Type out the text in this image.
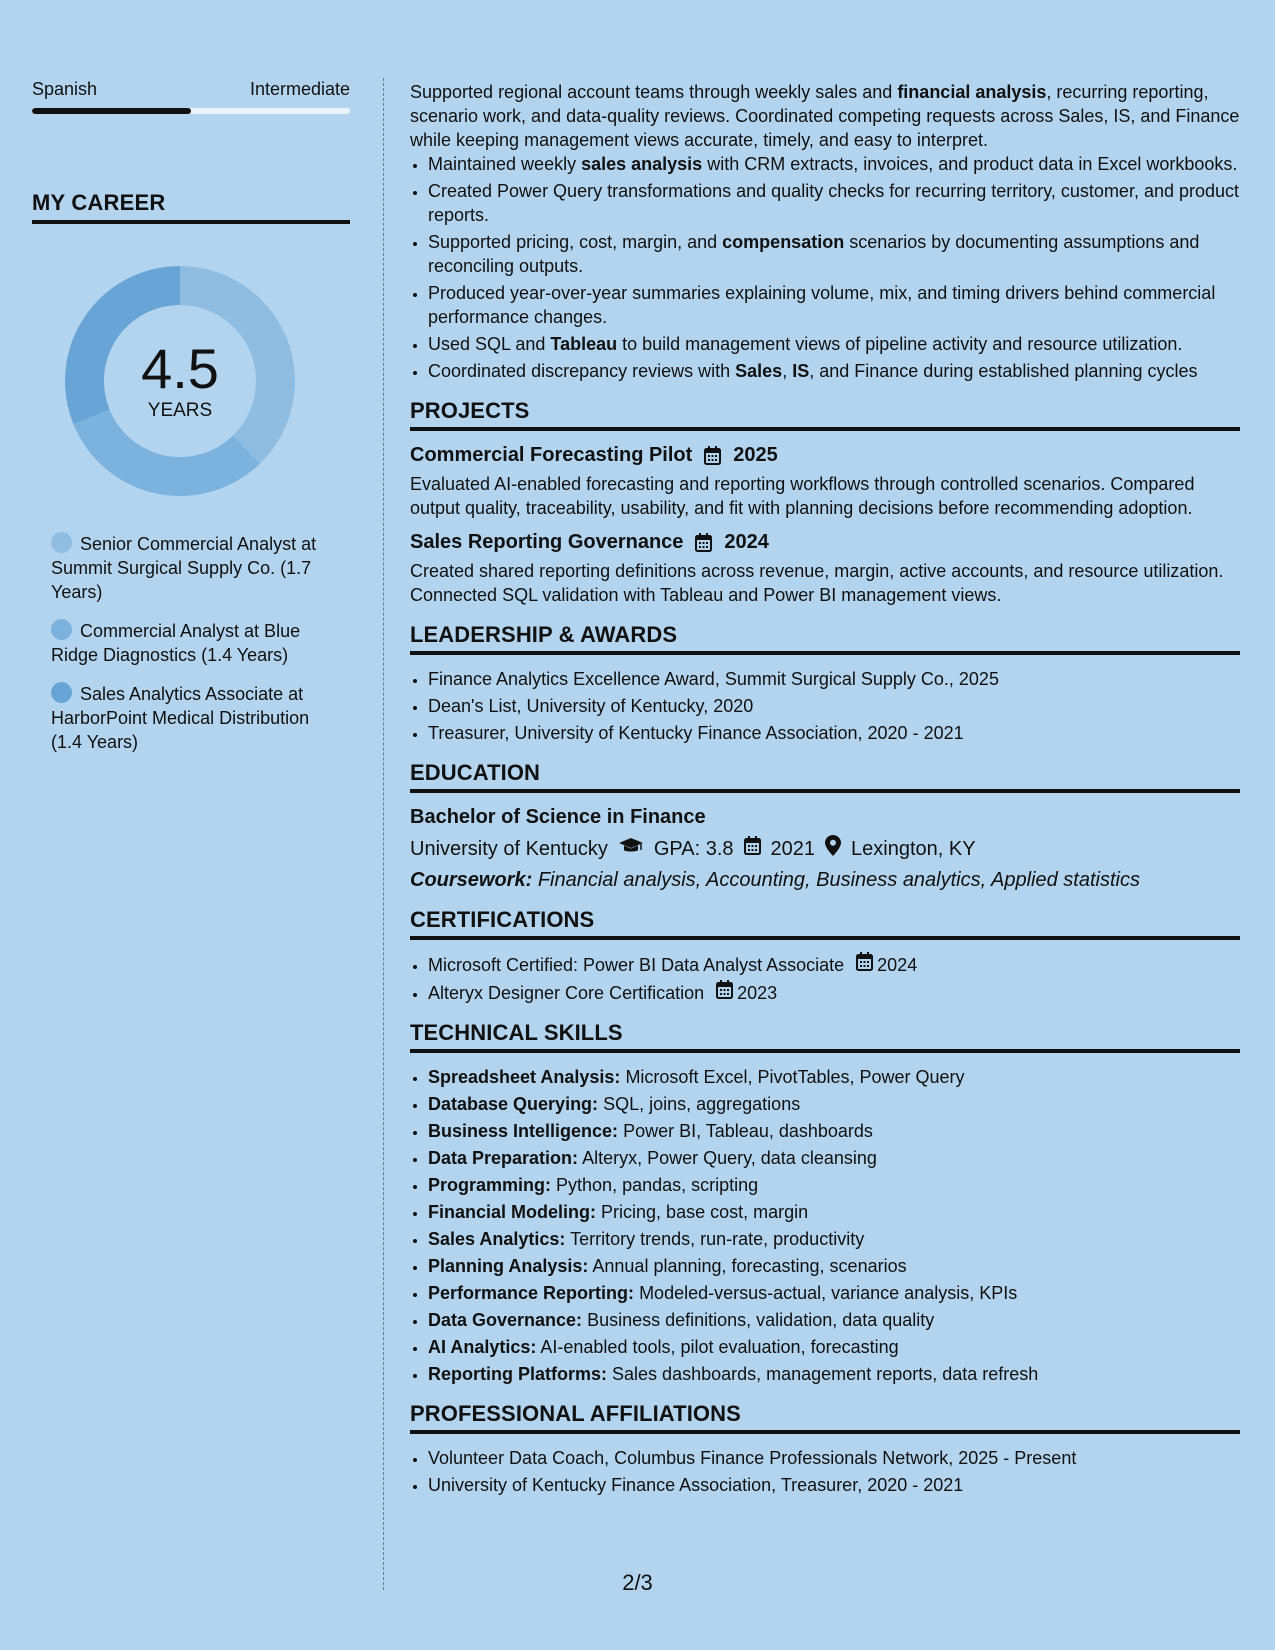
Spanish	Intermediate
MY CAREER
4.5
YEARS
Senior Commercial Analyst at Summit Surgical Supply Co. (1.7 Years)
Commercial Analyst at Blue Ridge Diagnostics (1.4 Years)
Sales Analytics Associate at HarborPoint Medical Distribution (1.4 Years)

Supported regional account teams through weekly sales and financial analysis, recurring reporting, scenario work, and data-quality reviews. Coordinated competing requests across Sales, IS, and Finance while keeping management views accurate, timely, and easy to interpret.

• Maintained weekly sales analysis with CRM extracts, invoices, and product data in Excel workbooks.
• Created Power Query transformations and quality checks for recurring territory, customer, and product reports.
• Supported pricing, cost, margin, and compensation scenarios by documenting assumptions and reconciling outputs.
• Produced year-over-year summaries explaining volume, mix, and timing drivers behind commercial performance changes.
• Used SQL and Tableau to build management views of pipeline activity and resource utilization.
• Coordinated discrepancy reviews with Sales, IS, and Finance during established planning cycles
PROJECTS
Commercial Forecasting Pilot 2025

Evaluated AI-enabled forecasting and reporting workflows through controlled scenarios. Compared output quality, traceability, usability, and fit with planning decisions before recommending adoption.

Sales Reporting Governance 2024

Created shared reporting definitions across revenue, margin, active accounts, and resource utilization. Connected SQL validation with Tableau and Power BI management views.

LEADERSHIP & AWARDS
• Finance Analytics Excellence Award, Summit Surgical Supply Co., 2025
• Dean's List, University of Kentucky, 2020
• Treasurer, University of Kentucky Finance Association, 2020 - 2021
EDUCATION
Bachelor of Science in Finance
University of Kentucky GPA: 3.8 2021 Lexington, KY
Coursework: Financial analysis, Accounting, Business analytics, Applied statistics
CERTIFICATIONS
• Microsoft Certified: Power BI Data Analyst Associate 2024
• Alteryx Designer Core Certification 2023
TECHNICAL SKILLS
• Spreadsheet Analysis: Microsoft Excel, PivotTables, Power Query
• Database Querying: SQL, joins, aggregations
• Business Intelligence: Power BI, Tableau, dashboards
• Data Preparation: Alteryx, Power Query, data cleansing
• Programming: Python, pandas, scripting
• Financial Modeling: Pricing, base cost, margin
• Sales Analytics: Territory trends, run-rate, productivity
• Planning Analysis: Annual planning, forecasting, scenarios
• Performance Reporting: Modeled-versus-actual, variance analysis, KPIs
• Data Governance: Business definitions, validation, data quality
• AI Analytics: AI-enabled tools, pilot evaluation, forecasting
• Reporting Platforms: Sales dashboards, management reports, data refresh
PROFESSIONAL AFFILIATIONS
• Volunteer Data Coach, Columbus Finance Professionals Network, 2025 - Present
• University of Kentucky Finance Association, Treasurer, 2020 - 2021
2/3
